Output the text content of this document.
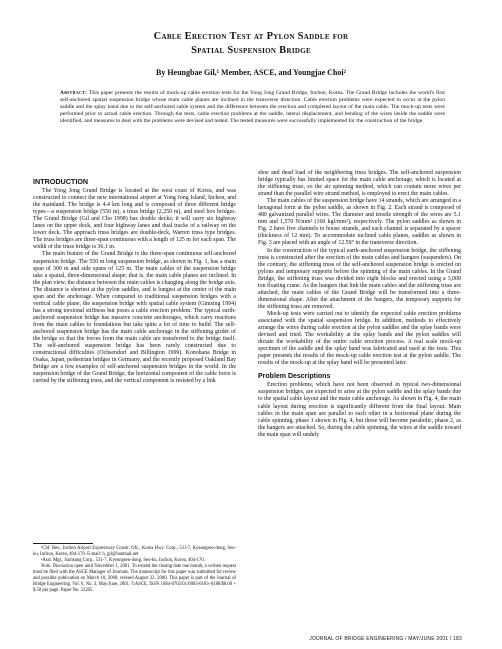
Cable Erection Test at Pylon Saddle for
Spatial Suspension Bridge
By Heungbae Gil,¹ Member, ASCE, and Youngjae Choi²
Abstract: This paper presents the results of mock-up cable erection tests for the Yong Jong Grand Bridge, Inchon, Korea. The Grand Bridge includes the world's first self-anchored spatial suspension bridge whose main cable planes are inclined in the transverse direction. Cable erection problems were expected to occur at the pylon saddle and the splay band due to the self-anchored cable system and the difference between the erection and completed layout of the main cable. The mock-up tests were performed prior to actual cable erection. Through the tests, cable erection problems at the saddle, lateral displacement, and bending of the wires inside the saddle were identified, and measures to deal with the problems were devised and tested. The tested measures were successfully implemented for the construction of the bridge.
INTRODUCTION

The Yong Jong Grand Bridge is located at the west coast of Korea, and was constructed to connect the new international airport at Yong Jong Island, Inchon, and the mainland. The bridge is 4.4 km long and is composed of three different bridge types—a suspension bridge (550 m), a truss bridge (2,250 m), and steel box bridges. The Grand Bridge (Gil and Cho 1998) has double decks; it will carry six highway lanes on the upper deck, and four highway lanes and dual tracks of a railway on the lower deck. The approach truss bridges are double-deck, Warren truss type bridges. The truss bridges are three-span continuous with a length of 125 m for each span. The width of the truss bridge is 36.1 m.

The main feature of the Grand Bridge is the three-span continuous self-anchored suspension bridge. The 550 m long suspension bridge, as shown in Fig. 1, has a main span of 300 m and side spans of 125 m. The main cables of the suspension bridge take a spatial, three-dimensional shape; that is, the main cable planes are inclined. In the plan view, the distance between the main cables is changing along the bridge axis. The distance is shortest at the pylon saddles, and is longest at the center of the main span and the anchorage. When compared to traditional suspension bridges with a vertical cable plane, the suspension bridge with spatial cable system (Gimsing 1994) has a strong torsional stiffness but poses a cable erection problem. The typical earth-anchored suspension bridge has massive concrete anchorages, which carry reactions from the main cables to foundations but take quite a lot of time to build. The self-anchored suspension bridge has the main cable anchorage in the stiffening girder of the bridge so that the forces from the main cable are transferred to the bridge itself. The self-anchored suspension bridge has been rarely constructed due to constructional difficulties (Ochsendorf and Billington 1999). Konohana Bridge in Osaka, Japan, pedestrian bridges in Germany, and the recently proposed Oakland Bay Bridge are a few examples of self-anchored suspension bridges in the world. In the suspension bridge of the Grand Bridge, the horizontal component of the cable force is carried by the stiffening truss, and the vertical component is resisted by a link

¹Chf. Res., Inchon Airport Expressway Constr. Ofc., Korea Hwy. Corp., 531-7, Kyeongseo-dong, Seo-ku, Inchon, Korea, 404-170. E-mail: h_gil@hanmail.net

²Asst. Mgr., Samsung Corp., 531-7, Kyeongseo-dong, Seo-ku, Inchon, Korea, 404-170.

Note. Discussion open until November 1, 2001. To extend the closing date one month, a written request must be filed with the ASCE Manager of Journals. The manuscript for this paper was submitted for review and possible publication on March 10, 2000; revised August 22, 2000. This paper is part of the Journal of Bridge Engineering, Vol. 6, No. 3, May/June, 2001. ©ASCE, ISSN 1084-0702/01/0003-0183–0188/$8.00 + $.50 per page. Paper No. 22205.

shoe and dead load of the neighboring truss bridges. The self-anchored suspension bridge typically has limited space for the main cable anchorage, which is located at the stiffening truss, so the air spinning method, which can contain more wires per strand than the parallel wire strand method, is employed to erect the main cables.

The main cables of the suspension bridge have 14 strands, which are arranged in a hexagonal form at the pylon saddle, as shown in Fig. 2. Each strand is composed of 480 galvanized parallel wires. The diameter and tensile strength of the wires are 5.1 mm and 1,570 N/mm² (160 kgf/mm²), respectively. The pylon saddles as shown in Fig. 2 have five channels to house strands, and each channel is separated by a spacer (thickness of 12 mm). To accommodate inclined cable planes, saddles as shown in Fig. 3 are placed with an angle of 12.59° in the transverse direction.

In the construction of the typical earth-anchored suspension bridge, the stiffening truss is constructed after the erection of the main cables and hangers (suspenders). On the contrary, the stiffening truss of the self-anchored suspension bridge is erected on pylons and temporary supports before the spinning of the main cables. In the Grand Bridge, the stiffening truss was divided into eight blocks and erected using a 3,000 ton floating crane. As the hangers that link the main cables and the stiffening truss are attached, the main cables of the Grand Bridge will be transformed into a three-dimensional shape. After the attachment of the hangers, the temporary supports for the stiffening truss are removed.

Mock-up tests were carried out to identify the expected cable erection problems associated with the spatial suspension bridge. In addition, methods to effectively arrange the wires during cable erection at the pylon saddles and the splay bands were devised and tried. The workability at the splay bands and the pylon saddles will dictate the workability of the entire cable erection process. A real scale mock-up specimen of the saddle and the splay band was fabricated and used at the tests. This paper presents the results of the mock-up cable erection test at the pylon saddle. The results of the mock-up at the splay band will be presented later.

Problem Descriptions

Erection problems, which have not been observed in typical two-dimensional suspension bridges, are expected to arise at the pylon saddle and the splay bands due to the spatial cable layout and the main cable anchorage. As shown in Fig. 4, the main cable layout during erection is significantly different from the final layout. Main cables in the main span are parallel to each other in a horizontal plane during the cable spinning, phase 1 shown in Fig. 4, but those will become parabolic, phase 2, as the hangers are attached. So, during the cable spinning, the wires at the saddle toward the main span will unduly

JOURNAL OF BRIDGE ENGINEERING / MAY/JUNE 2001 / 183
